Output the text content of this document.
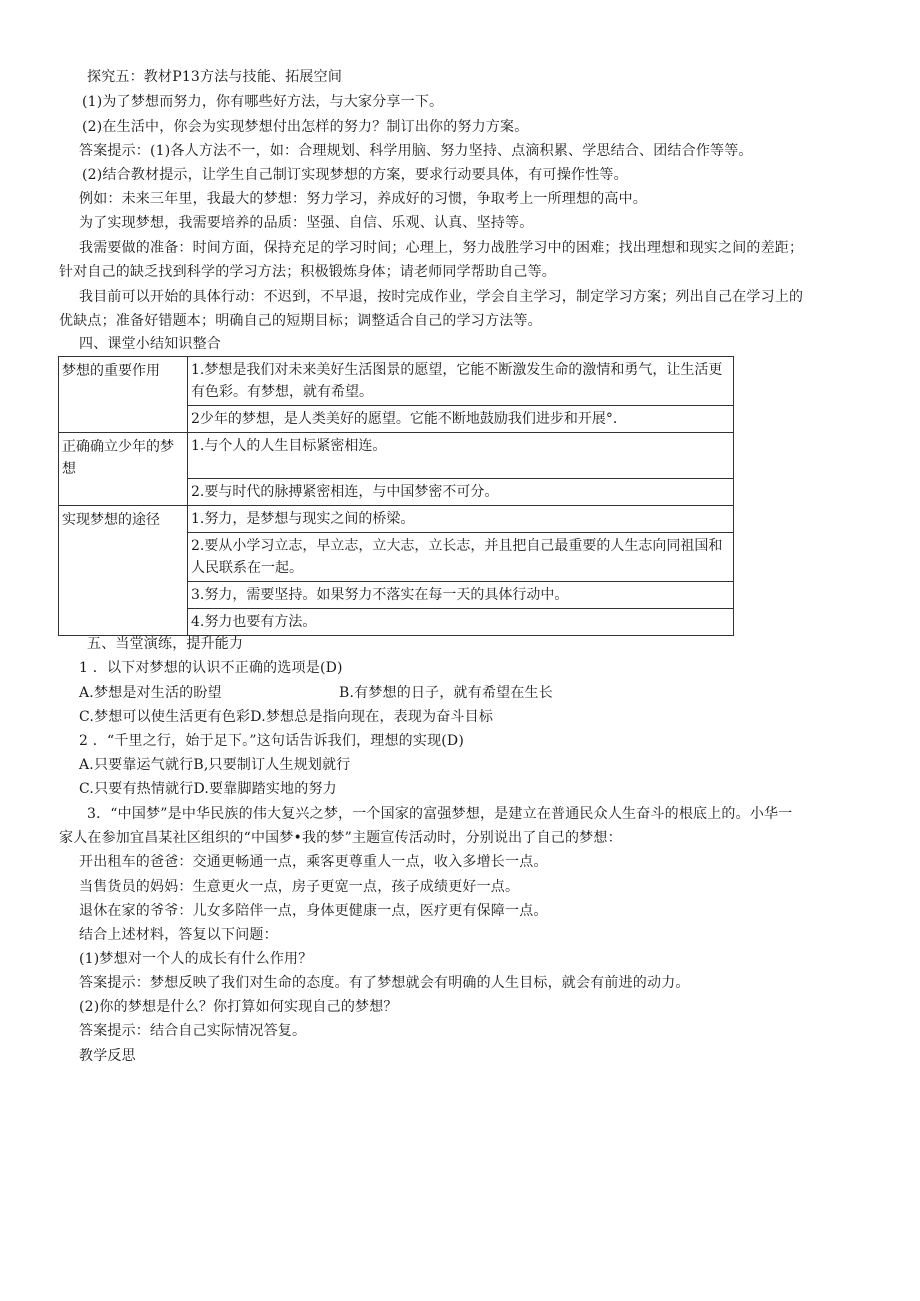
探究五：教材P13方法与技能、拓展空间
(1)为了梦想而努力，你有哪些好方法，与大家分享一下。
(2)在生活中，你会为实现梦想付出怎样的努力？制订出你的努力方案。
答案提示：(1)各人方法不一，如：合理规划、科学用脑、努力坚持、点滴积累、学思结合、团结合作等等。
(2)结合教材提示，让学生自己制订实现梦想的方案，要求行动要具体，有可操作性等。
例如：未来三年里，我最大的梦想：努力学习，养成好的习惯，争取考上一所理想的高中。
为了实现梦想，我需要培养的品质：坚强、自信、乐观、认真、坚持等。
我需要做的准备：时间方面，保持充足的学习时间；心理上，努力战胜学习中的困难；找出理想和现实之间的差距；
针对自己的缺乏找到科学的学习方法；积极锻炼身体；请老师同学帮助自己等。
我目前可以开始的具体行动：不迟到，不早退，按时完成作业，学会自主学习，制定学习方案；列出自己在学习上的
优缺点；准备好错题本；明确自己的短期目标；调整适合自己的学习方法等。
四、课堂小结知识整合
梦想的重要作用	1.梦想是我们对未来美好生活图景的愿望，它能不断激发生命的激情和勇气，让生活更有色彩。有梦想，就有希望。
	2少年的梦想，是人类美好的愿望。它能不断地鼓励我们进步和开展°．
正确确立少年的梦想	1.与个人的人生目标紧密相连。
	2.要与时代的脉搏紧密相连，与中国梦密不可分。
实现梦想的途径	1.努力，是梦想与现实之间的桥梁。
	2.要从小学习立志，早立志，立大志，立长志，并且把自己最重要的人生志向同祖国和人民联系在一起。
	3.努力，需要坚持。如果努力不落实在每一天的具体行动中。
	4.努力也要有方法。
五、当堂演练，提升能力
1 ．以下对梦想的认识不正确的选项是(D)
A.梦想是对生活的盼望	B.有梦想的日子，就有希望在生长
C.梦想可以使生活更有色彩D.梦想总是指向现在，表现为奋斗目标
2 ．“千里之行，始于足下。”这句话告诉我们，理想的实现(D)
A.只要靠运气就行B,只要制订人生规划就行
C.只要有热情就行D.要靠脚踏实地的努力
3．“中国梦”是中华民族的伟大复兴之梦，一个国家的富强梦想，是建立在普通民众人生奋斗的根底上的。小华一
家人在参加宜昌某社区组织的“中国梦•我的梦”主题宣传活动时，分别说出了自己的梦想：
开出租车的爸爸：交通更畅通一点，乘客更尊重人一点，收入多增长一点。
当售货员的妈妈：生意更火一点，房子更宽一点，孩子成绩更好一点。
退休在家的爷爷：儿女多陪伴一点，身体更健康一点，医疗更有保障一点。
结合上述材料，答复以下问题：
(1)梦想对一个人的成长有什么作用？
答案提示：梦想反映了我们对生命的态度。有了梦想就会有明确的人生目标，就会有前进的动力。
(2)你的梦想是什么？你打算如何实现自己的梦想？
答案提示：结合自己实际情况答复。
教学反思
